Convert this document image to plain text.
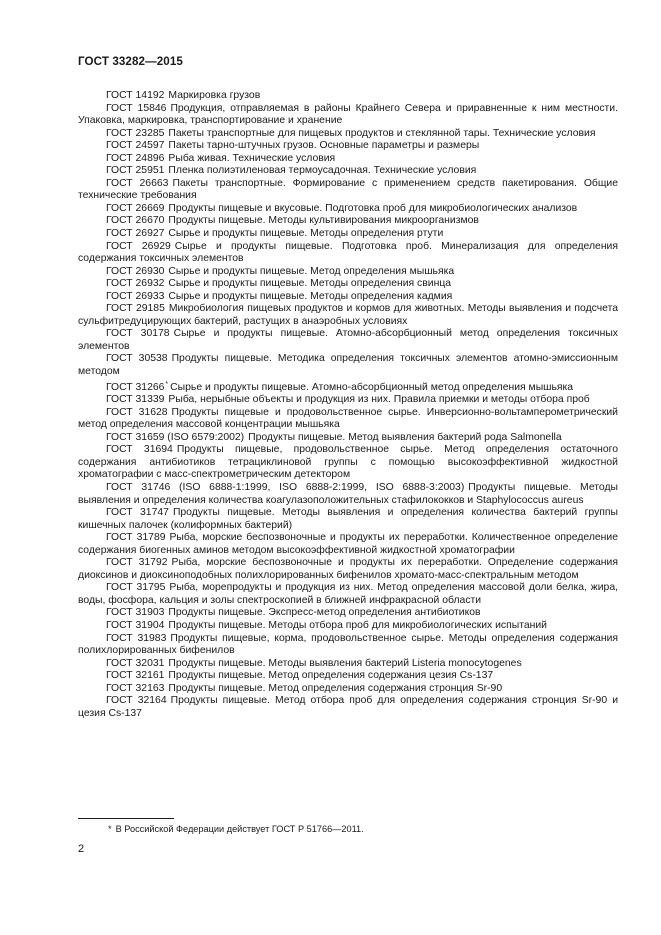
ГОСТ 33282—2015

ГОСТ 14192 Маркировка грузов

ГОСТ 15846 Продукция, отправляемая в районы Крайнего Севера и приравненные к ним местности. Упаковка, маркировка, транспортирование и хранение

ГОСТ 23285 Пакеты транспортные для пищевых продуктов и стеклянной тары. Технические условия

ГОСТ 24597 Пакеты тарно-штучных грузов. Основные параметры и размеры

ГОСТ 24896 Рыба живая. Технические условия

ГОСТ 25951 Пленка полиэтиленовая термоусадочная. Технические условия

ГОСТ 26663 Пакеты транспортные. Формирование с применением средств пакетирования. Общие технические требования

ГОСТ 26669 Продукты пищевые и вкусовые. Подготовка проб для микробиологических анализов

ГОСТ 26670 Продукты пищевые. Методы культивирования микроорганизмов

ГОСТ 26927 Сырье и продукты пищевые. Методы определения ртути

ГОСТ 26929 Сырье и продукты пищевые. Подготовка проб. Минерализация для определения содержания токсичных элементов

ГОСТ 26930 Сырье и продукты пищевые. Метод определения мышьяка

ГОСТ 26932 Сырье и продукты пищевые. Методы определения свинца

ГОСТ 26933 Сырье и продукты пищевые. Методы определения кадмия

ГОСТ 29185 Микробиология пищевых продуктов и кормов для животных. Методы выявления и подсчета сульфитредуцирующих бактерий, растущих в анаэробных условиях

ГОСТ 30178 Сырье и продукты пищевые. Атомно-абсорбционный метод определения токсичных элементов

ГОСТ 30538 Продукты пищевые. Методика определения токсичных элементов атомно-эмиссионным методом

ГОСТ 31266* Сырье и продукты пищевые. Атомно-абсорбционный метод определения мышьяка

ГОСТ 31339 Рыба, нерыбные объекты и продукция из них. Правила приемки и методы отбора проб

ГОСТ 31628 Продукты пищевые и продовольственное сырье. Инверсионно-вольтамперометрический метод определения массовой концентрации мышьяка

ГОСТ 31659 (ISO 6579:2002) Продукты пищевые. Метод выявления бактерий рода Salmonella

ГОСТ 31694 Продукты пищевые, продовольственное сырье. Метод определения остаточного содержания антибиотиков тетрациклиновой группы с помощью высокоэффективной жидкостной хроматографии с масс-спектрометрическим детектором

ГОСТ 31746 (ISO 6888-1:1999, ISO 6888-2:1999, ISO 6888-3:2003) Продукты пищевые. Методы выявления и определения количества коагулазоположительных стафилококков и Staphylococcus aureus

ГОСТ 31747 Продукты пищевые. Методы выявления и определения количества бактерий группы кишечных палочек (колиформных бактерий)

ГОСТ 31789 Рыба, морские беспозвоночные и продукты их переработки. Количественное определение содержания биогенных аминов методом высокоэффективной жидкостной хроматографии

ГОСТ 31792 Рыба, морские беспозвоночные и продукты их переработки. Определение содержания диоксинов и диоксиноподобных полихлорированных бифенилов хромато-масс-спектральным методом

ГОСТ 31795 Рыба, морепродукты и продукция из них. Метод определения массовой доли белка, жира, воды, фосфора, кальция и золы спектроскопией в ближней инфракрасной области

ГОСТ 31903 Продукты пищевые. Экспресс-метод определения антибиотиков

ГОСТ 31904 Продукты пищевые. Методы отбора проб для микробиологических испытаний

ГОСТ 31983 Продукты пищевые, корма, продовольственное сырье. Методы определения содержания полихлорированных бифенилов

ГОСТ 32031 Продукты пищевые. Методы выявления бактерий Listeria monocytogenes

ГОСТ 32161 Продукты пищевые. Метод определения содержания цезия Cs-137

ГОСТ 32163 Продукты пищевые. Метод определения содержания стронция Sr-90

ГОСТ 32164 Продукты пищевые. Метод отбора проб для определения содержания стронция Sr-90 и цезия Cs-137

* В Российской Федерации действует ГОСТ Р 51766—2011.
2
